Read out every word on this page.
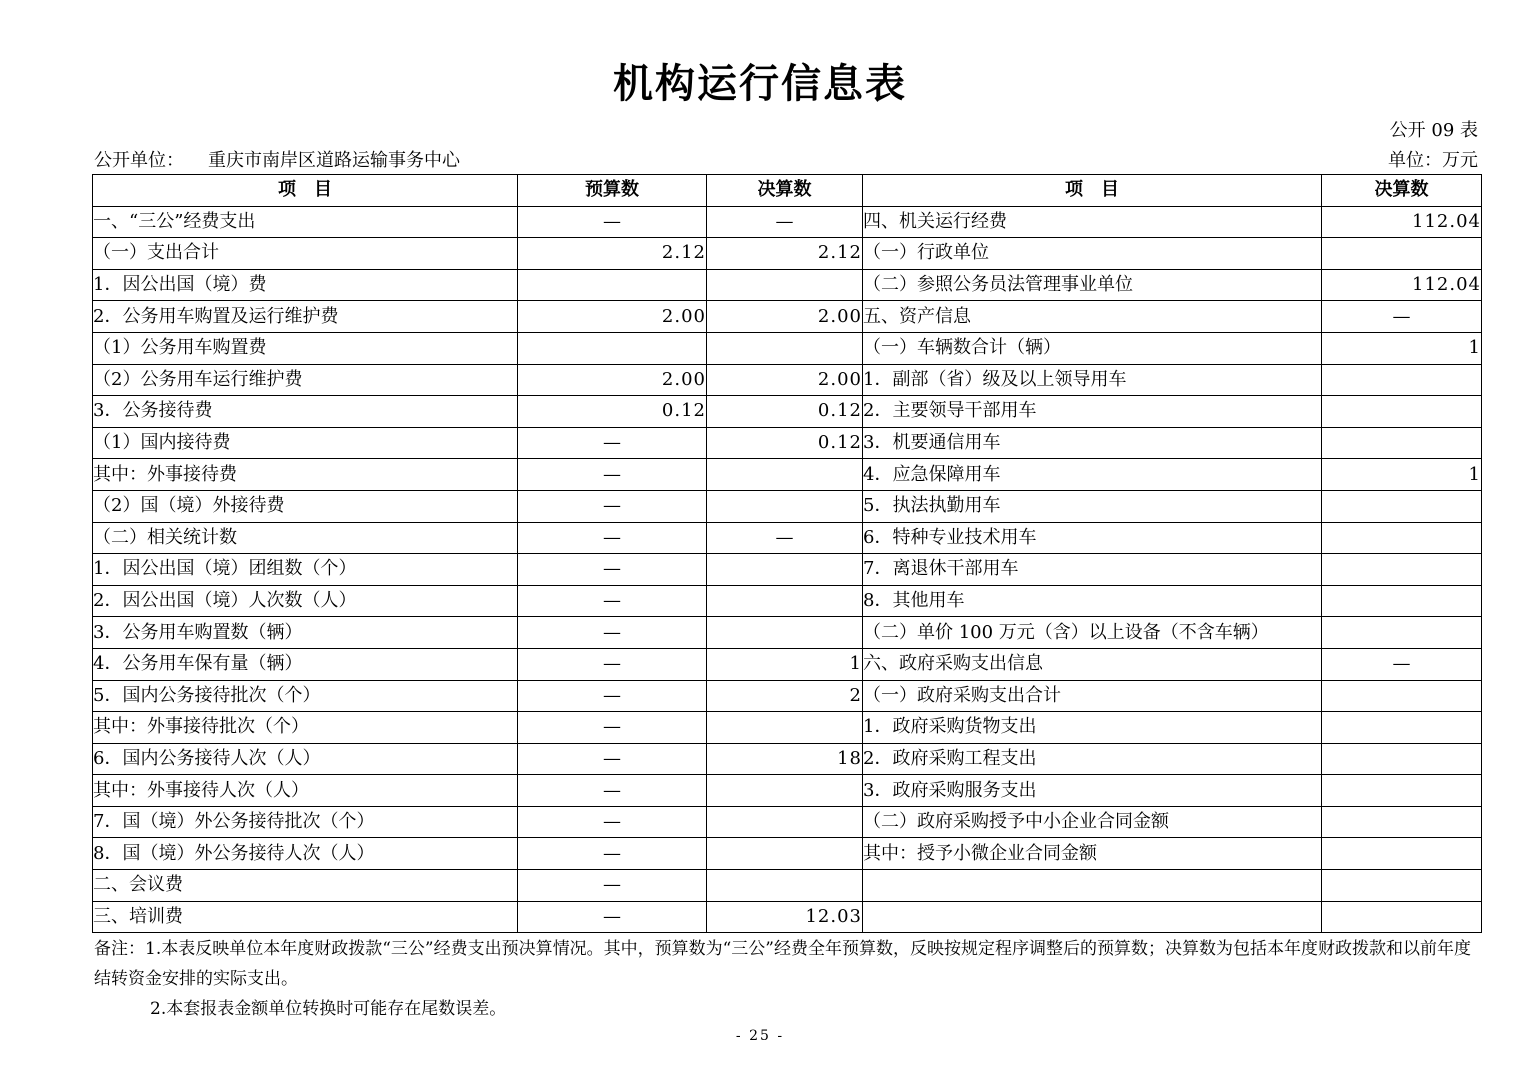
机构运行信息表
公开 09 表
公开单位： 重庆市南岸区道路运输事务中心	单位：万元
项　目	预算数	决算数	项　目	决算数
一、“三公”经费支出	—	—	四、机关运行经费	112.04
（一）支出合计	2.12	2.12	（一）行政单位	
1．因公出国（境）费			（二）参照公务员法管理事业单位	112.04
2．公务用车购置及运行维护费	2.00	2.00	五、资产信息	—
（1）公务用车购置费			（一）车辆数合计（辆）	1
（2）公务用车运行维护费	2.00	2.00	1．副部（省）级及以上领导用车	
3．公务接待费	0.12	0.12	2．主要领导干部用车	
（1）国内接待费	—	0.12	3．机要通信用车	
其中：外事接待费	—		4．应急保障用车	1
（2）国（境）外接待费	—		5．执法执勤用车	
（二）相关统计数	—	—	6．特种专业技术用车	
1．因公出国（境）团组数（个）	—		7．离退休干部用车	
2．因公出国（境）人次数（人）	—		8．其他用车	
3．公务用车购置数（辆）	—		（二）单价 100 万元（含）以上设备（不含车辆）	
4．公务用车保有量（辆）	—	1	六、政府采购支出信息	—
5．国内公务接待批次（个）	—	2	（一）政府采购支出合计	
其中：外事接待批次（个）	—		1．政府采购货物支出	
6．国内公务接待人次（人）	—	18	2．政府采购工程支出	
其中：外事接待人次（人）	—		3．政府采购服务支出	
7．国（境）外公务接待批次（个）	—		（二）政府采购授予中小企业合同金额	
8．国（境）外公务接待人次（人）	—		其中：授予小微企业合同金额	
二、会议费	—			
三、培训费	—	12.03		
备注：1.本表反映单位本年度财政拨款“三公”经费支出预决算情况。其中，预算数为“三公”经费全年预算数，反映按规定程序调整后的预算数；决算数为包括本年度财政拨款和以前年度结转资金安排的实际支出。
2.本套报表金额单位转换时可能存在尾数误差。
- 25 -
